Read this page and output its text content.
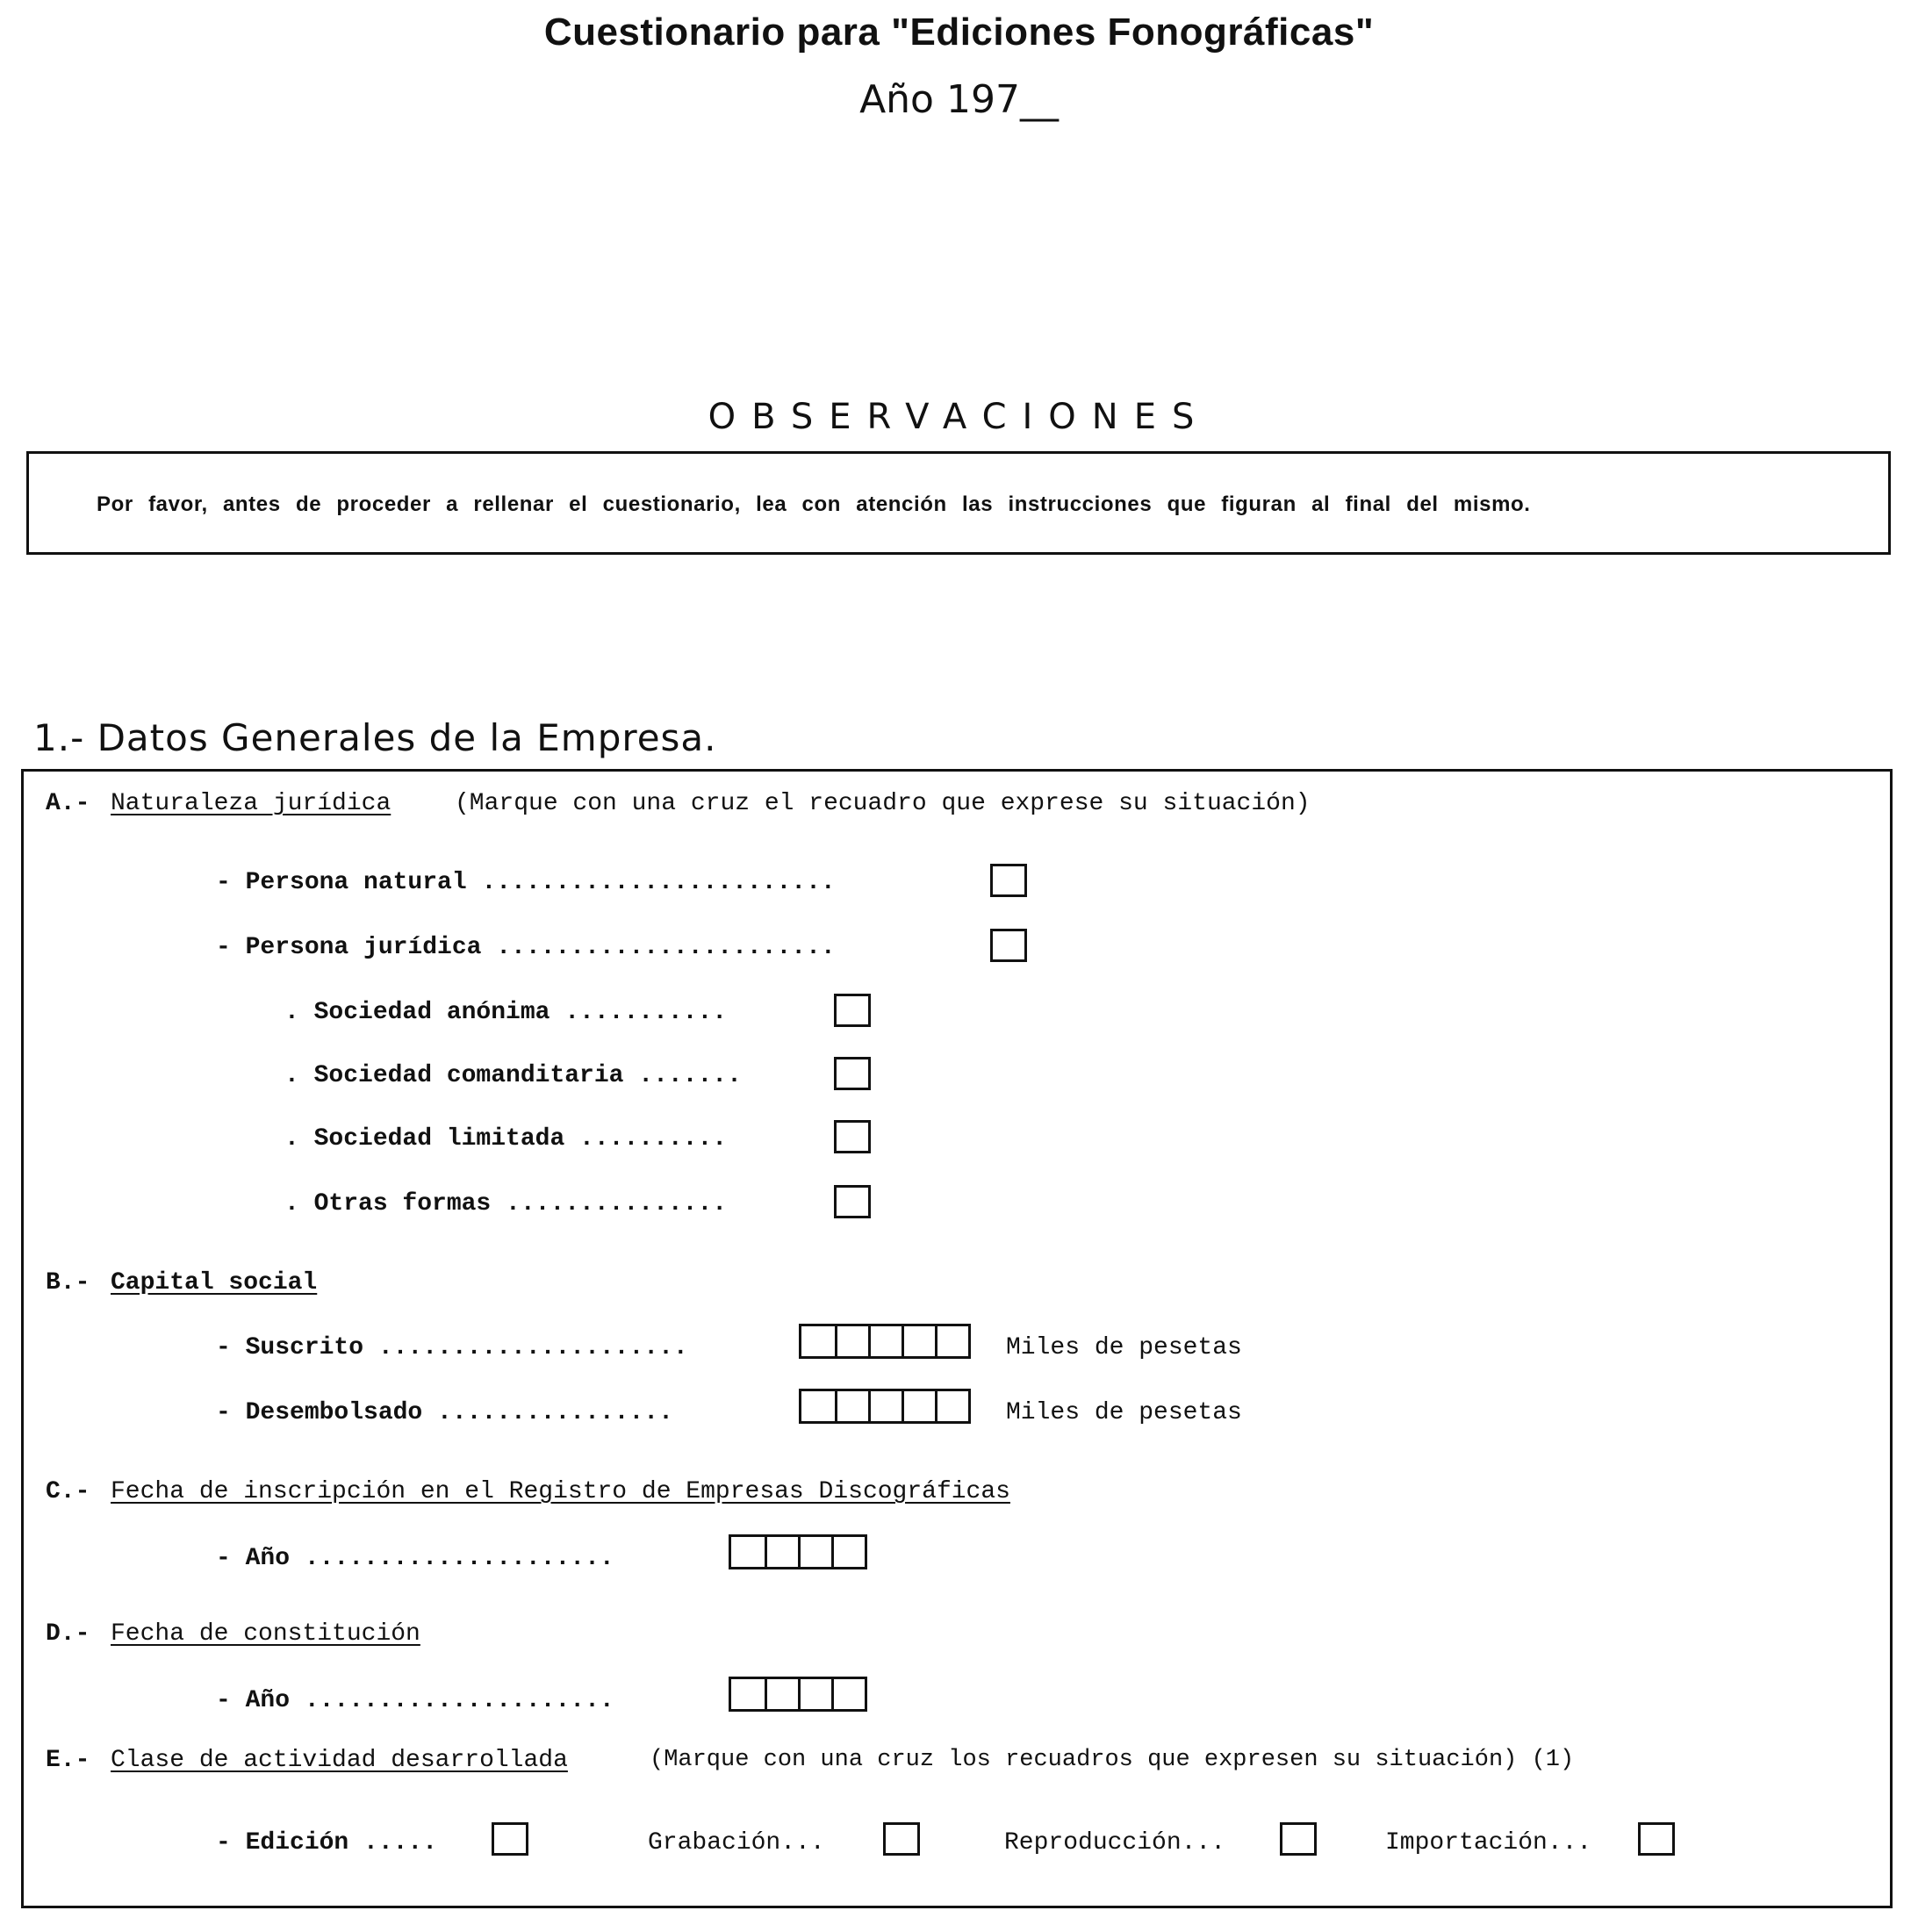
Cuestionario para "Ediciones Fonográficas"
Año 197__
OBSERVACIONES
Por favor, antes de proceder a rellenar el cuestionario, lea con atención las instrucciones que figuran al final del mismo.
1.- Datos Generales de la Empresa.
A.- Naturaleza jurídica	(Marque con una cruz el recuadro que exprese su situación)
- Persona natural ........................
- Persona jurídica .......................
. Sociedad anónima ...........
. Sociedad comanditaria .......
. Sociedad limitada ..........
. Otras formas ...............
B.- Capital social
- Suscrito .....................	Miles de pesetas
- Desembolsado ................	Miles de pesetas
C.- Fecha de inscripción en el Registro de Empresas Discográficas
- Año .....................
D.- Fecha de constitución
- Año .....................
E.- Clase de actividad desarrollada	(Marque con una cruz los recuadros que expresen su situación) (1)
- Edición .....	Grabación...	Reproducción...	Importación...
